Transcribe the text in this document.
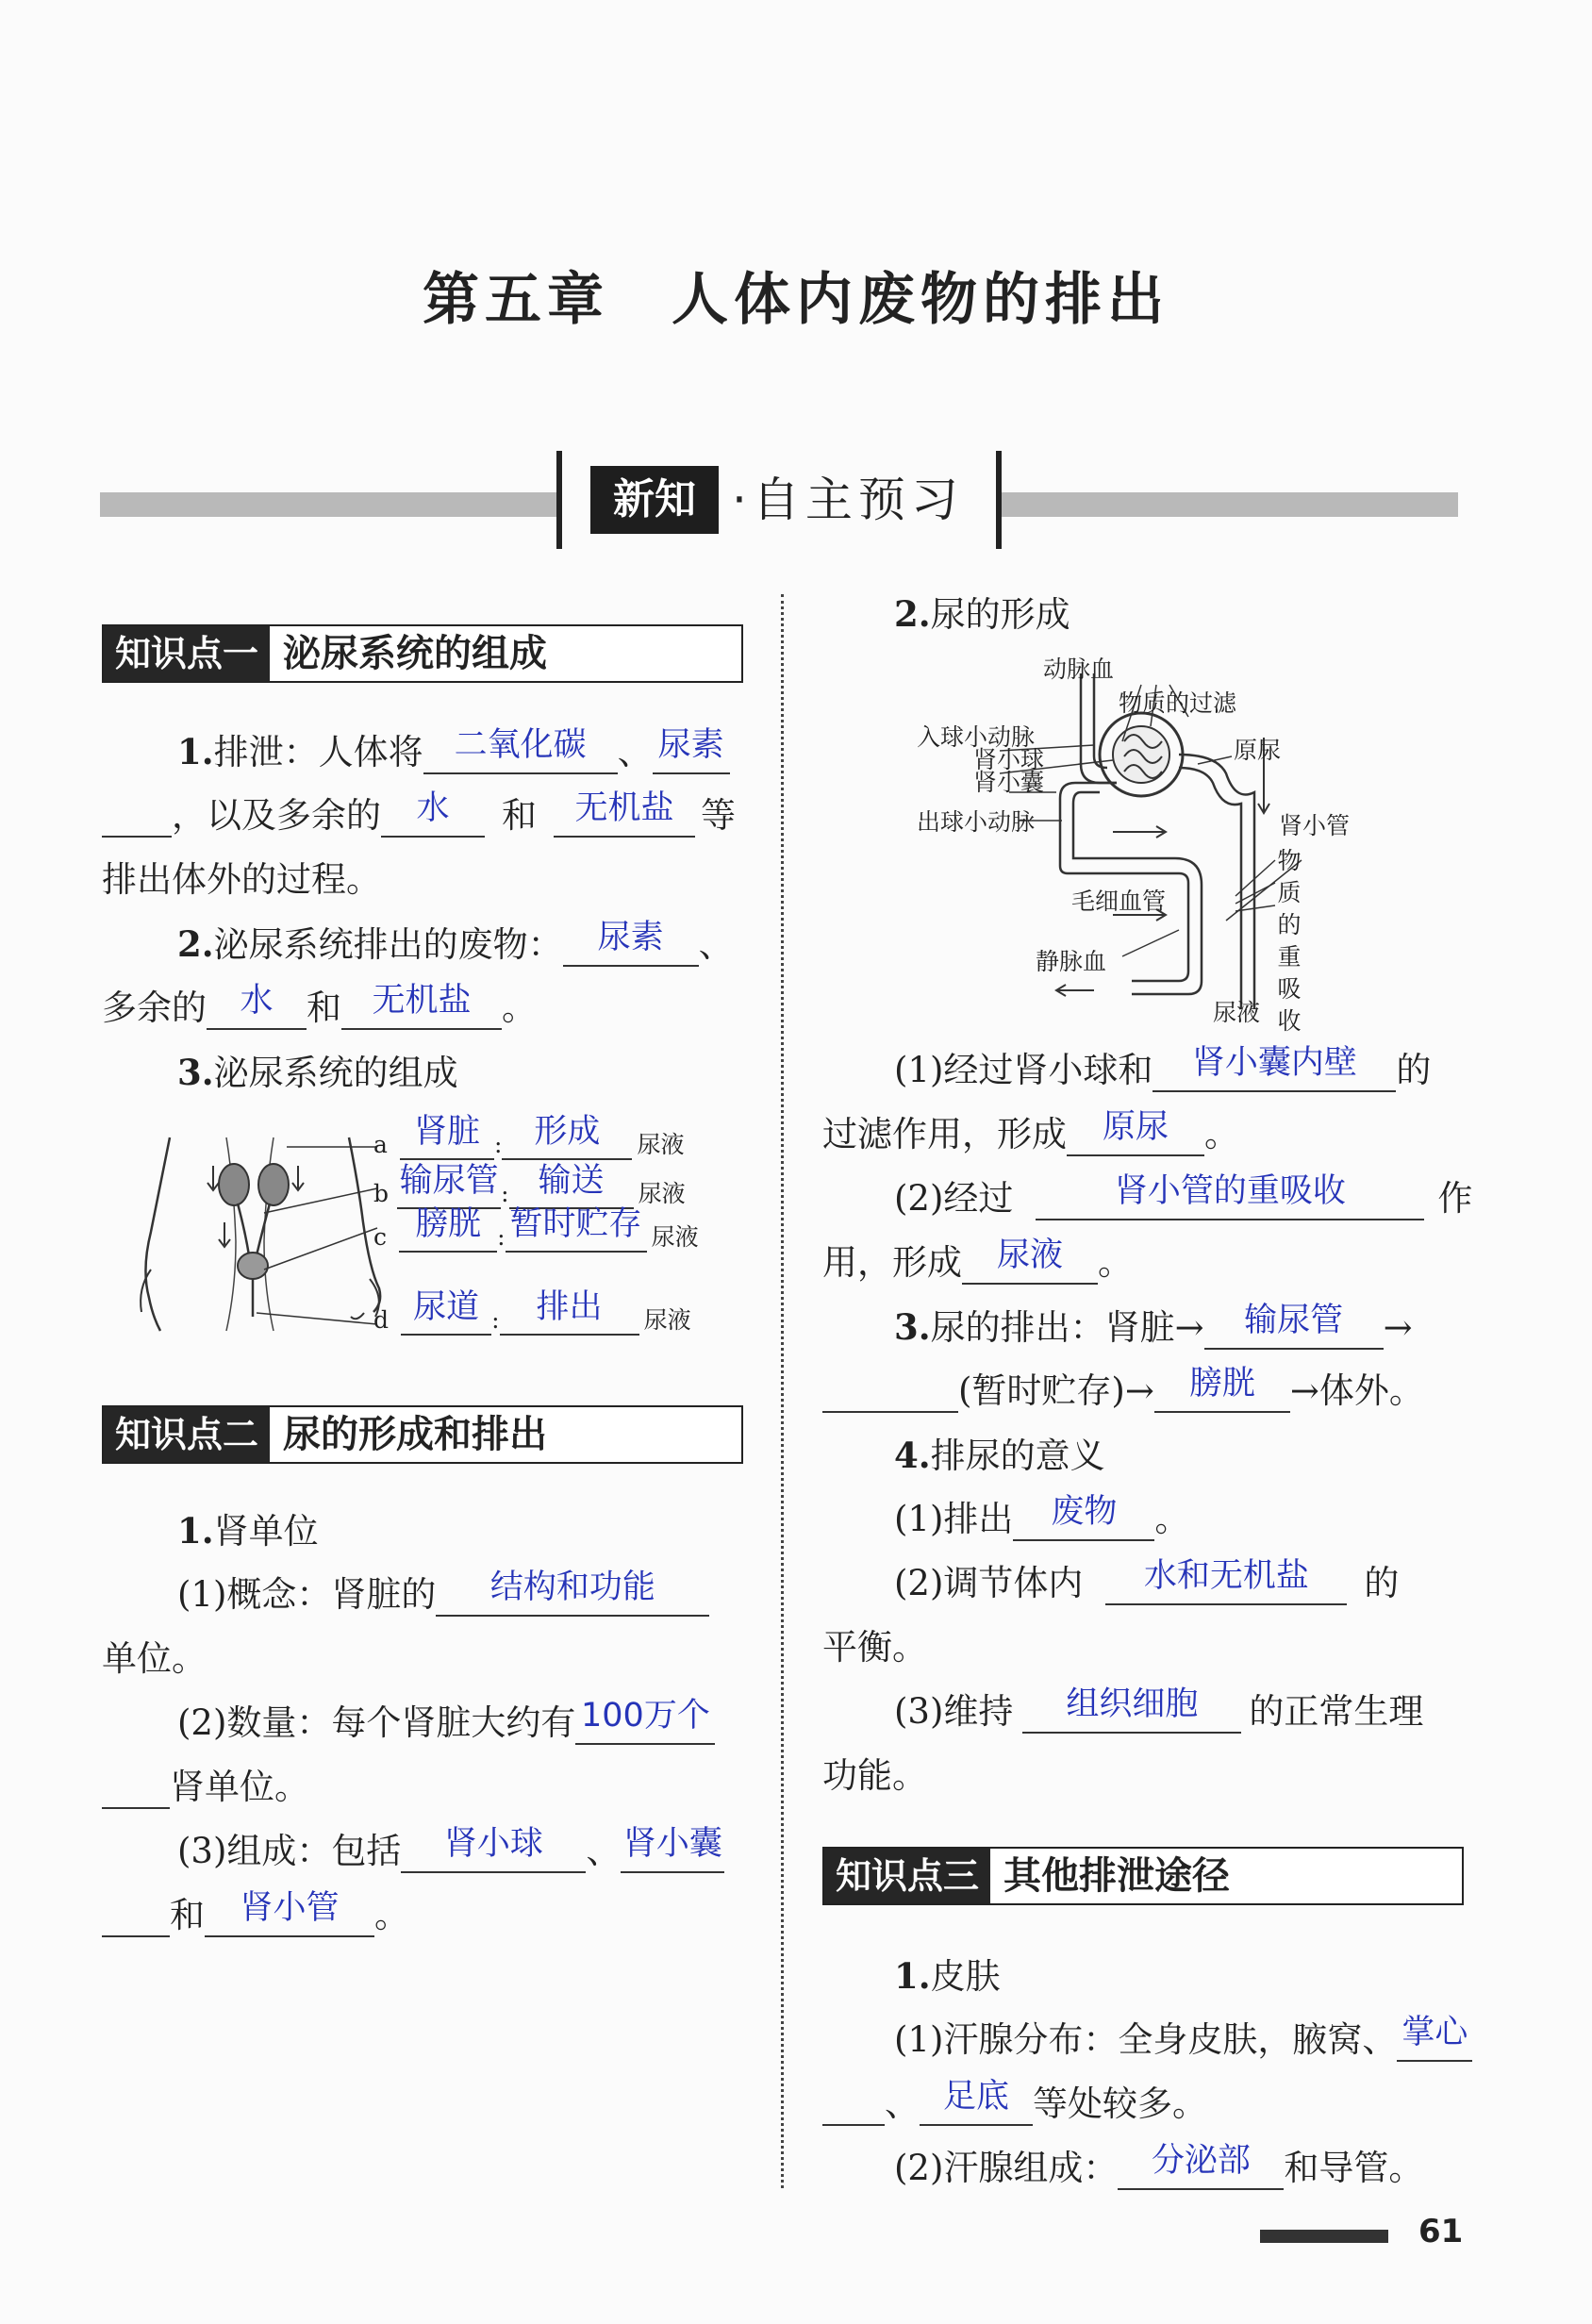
第五章　人体内废物的排出
新知 ·自主预习
知识点一 泌尿系统的组成
1.排泄：人体将 二氧化碳 、 尿素
，以及多余的	水	和	无机盐 等
排出体外的过程。
2.泌尿系统排出的废物：	尿素	、
多余的	水 和 无机盐 。
3.泌尿系统的组成
a 肾脏 : 形成	尿液
b 输尿管 : 输送	尿液
c 膀胱 : 暂时贮存 尿液
d 尿道 :	排出	尿液
知识点二 尿的形成和排出
1.肾单位
(1)概念：肾脏的	结构和功能
单位。
(2)数量：每个肾脏大约有 100万个
肾单位。
(3)组成：包括	肾小球	、 肾小囊
和	肾小管	。
2.尿的形成
动脉血
物质的过滤
入球小动脉
肾小球
肾小囊
出球小动脉
原尿
肾小管
毛细血管
静脉血
尿液
物
质
的
重
吸
收
(1)经过肾小球和	肾小囊内壁	的
过滤作用，形成	原尿	。
(2)经过	肾小管的重吸收	作
用，形成	尿液	。
3.尿的排出：肾脏→	输尿管	→
(暂时贮存)→	膀胱	→体外。
4.排尿的意义
(1)排出	废物	。
(2)调节体内	水和无机盐	的
平衡。
(3)维持	组织细胞	的正常生理
功能。
知识点三 其他排泄途径
1.皮肤
(1)汗腺分布：全身皮肤，腋窝、 掌心
、 足底 等处较多。
(2)汗腺组成：	分泌部 和导管。
61
